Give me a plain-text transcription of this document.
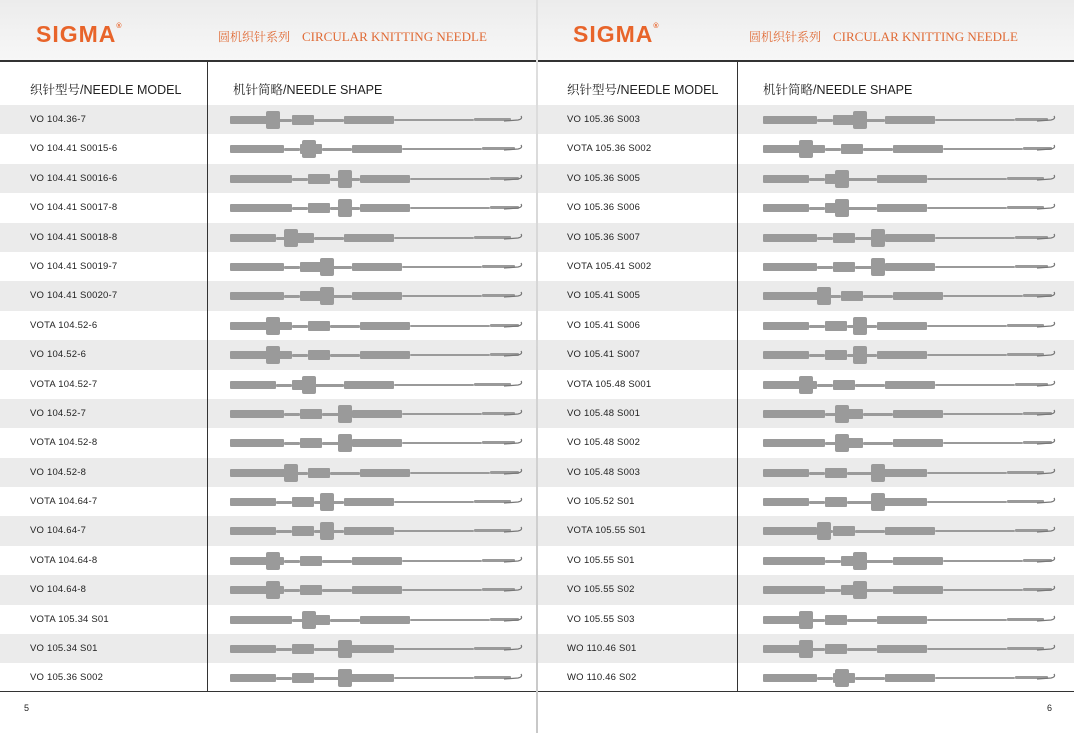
SIGMA®
圆机织针系列 CIRCULAR KNITTING NEEDLE
织针型号/NEEDLE MODEL	机针简略/NEEDLE SHAPE
VO 104.36-7
VO 104.41 S0015-6
VO 104.41 S0016-6
VO 104.41 S0017-8
VO 104.41 S0018-8
VO 104.41 S0019-7
VO 104.41 S0020-7
VOTA 104.52-6
VO 104.52-6
VOTA 104.52-7
VO 104.52-7
VOTA 104.52-8
VO 104.52-8
VOTA 104.64-7
VO 104.64-7
VOTA 104.64-8
VO 104.64-8
VOTA 105.34 S01
VO 105.34 S01
VO 105.36 S002
5
SIGMA®
圆机织针系列 CIRCULAR KNITTING NEEDLE
织针型号/NEEDLE MODEL	机针简略/NEEDLE SHAPE
VO 105.36 S003
VOTA 105.36 S002
VO 105.36 S005
VO 105.36 S006
VO 105.36 S007
VOTA 105.41 S002
VO 105.41 S005
VO 105.41 S006
VO 105.41 S007
VOTA 105.48 S001
VO 105.48 S001
VO 105.48 S002
VO 105.48 S003
VO 105.52 S01
VOTA 105.55 S01
VO 105.55 S01
VO 105.55 S02
VO 105.55 S03
WO 110.46 S01
WO 110.46 S02
6
